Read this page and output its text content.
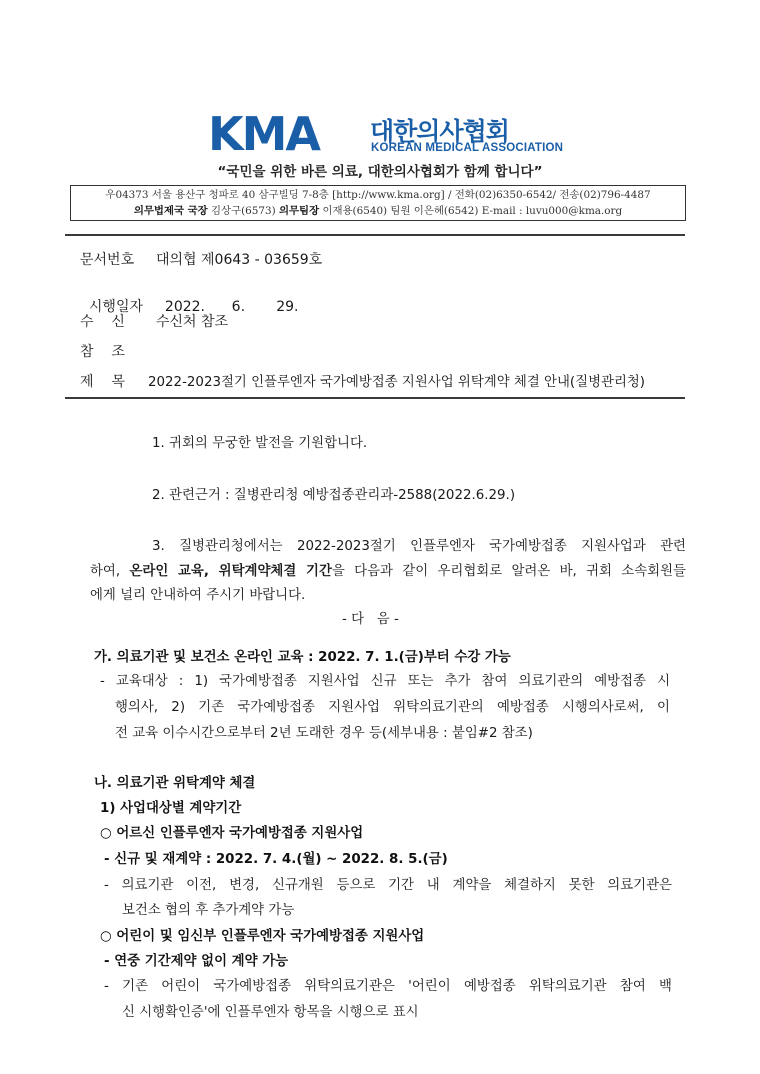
KMA 대한의사협회
KOREAN MEDICAL ASSOCIATION
“국민을 위한 바른 의료, 대한의사협회가 함께 합니다”
우04373 서울 용산구 청파로 40 삼구빌딩 7-8층 [http://www.kma.org] / 전화(02)6350-6542/ 전송(02)796-4487
의무법제국 국장 김상구(6573) 의무팀장 이재용(6540) 팀원 이은혜(6542) E-mail : luvu000@kma.org
문서번호 대의협 제0643 - 03659호

시행일자 2022.      6.       29.

수    신 수신처 참조
참    조
제    목 2022-2023절기 인플루엔자 국가예방접종 지원사업 위탁계약 체결 안내(질병관리청)
1. 귀회의 무궁한 발전을 기원합니다.
2. 관련근거 : 질병관리청 예방접종관리과-2588(2022.6.29.)
3. 질병관리청에서는 2022-2023절기 인플루엔자 국가예방접종 지원사업과 관련
하여, 온라인 교육, 위탁계약체결 기간을 다음과 같이 우리협회로 알려온 바, 귀회 소속회원들
에게 널리 안내하여 주시기 바랍니다.
- 다   음 -
가. 의료기관 및 보건소 온라인 교육 : 2022. 7. 1.(금)부터 수강 가능
- 교육대상 : 1) 국가예방접종 지원사업 신규 또는 추가 참여 의료기관의 예방접종 시
행의사, 2) 기존 국가예방접종 지원사업 위탁의료기관의 예방접종 시행의사로써, 이
전 교육 이수시간으로부터 2년 도래한 경우 등(세부내용 : 붙임#2 참조)
나. 의료기관 위탁계약 체결
1) 사업대상별 계약기간
○ 어르신 인플루엔자 국가예방접종 지원사업
- 신규 및 재계약 : 2022. 7. 4.(월) ~ 2022. 8. 5.(금)
- 의료기관 이전, 변경, 신규개원 등으로 기간 내 계약을 체결하지 못한 의료기관은
보건소 협의 후 추가계약 가능
○ 어린이 및 임신부 인플루엔자 국가예방접종 지원사업
- 연중 기간제약 없이 계약 가능
- 기존 어린이 국가예방접종 위탁의료기관은 '어린이 예방접종 위탁의료기관 참여 백
신 시행확인증'에 인플루엔자 항목을 시행으로 표시
